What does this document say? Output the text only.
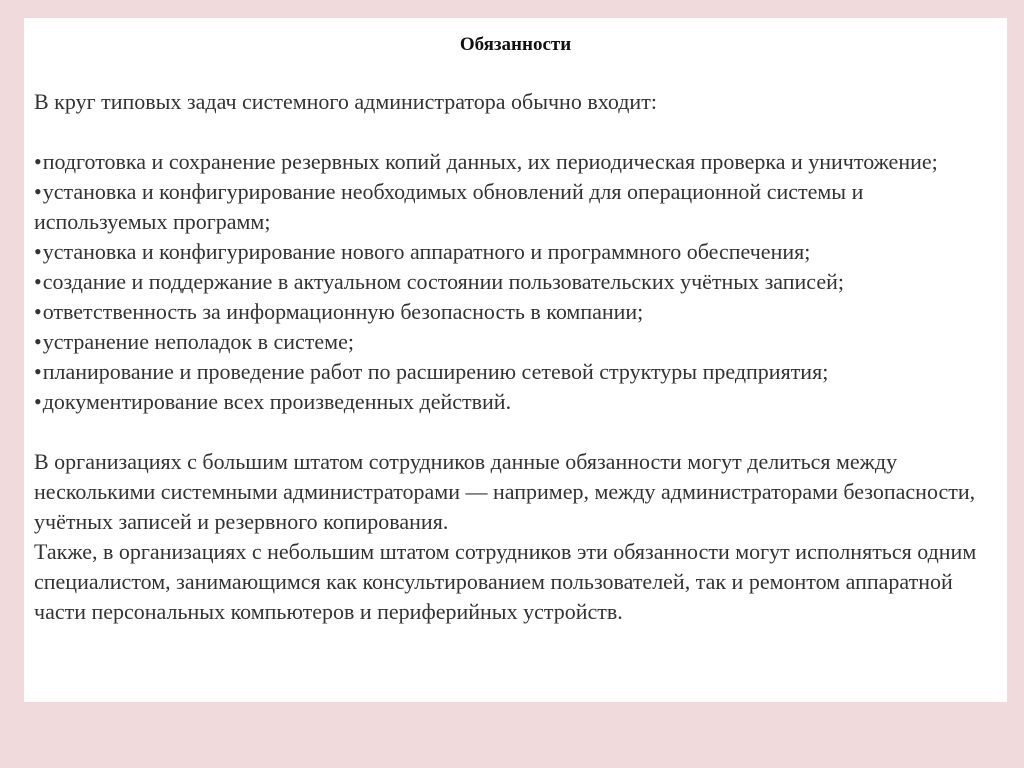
Обязанности

В круг типовых задач системного администратора обычно входит:

•подготовка и сохранение резервных копий данных, их периодическая проверка и уничтожение;
•установка и конфигурирование необходимых обновлений для операционной системы и используемых программ;
•установка и конфигурирование нового аппаратного и программного обеспечения;
•создание и поддержание в актуальном состоянии пользовательских учётных записей;
•ответственность за информационную безопасность в компании;
•устранение неполадок в системе;
•планирование и проведение работ по расширению сетевой структуры предприятия;
•документирование всех произведенных действий.

В организациях с большим штатом сотрудников данные обязанности могут делиться между несколькими системными администраторами — например, между администраторами безопасности, учётных записей и резервного копирования.

Также, в организациях с небольшим штатом сотрудников эти обязанности могут исполняться одним специалистом, занимающимся как консультированием пользователей, так и ремонтом аппаратной части персональных компьютеров и периферийных устройств.
